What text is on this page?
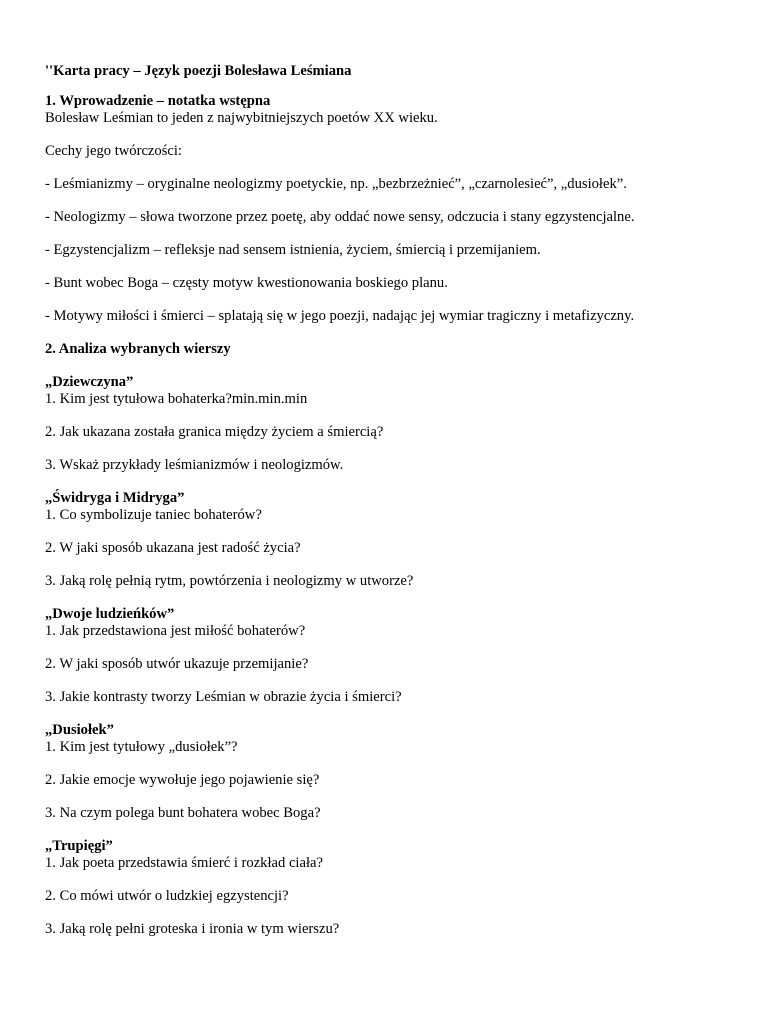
''Karta pracy – Język poezji Bolesława Leśmiana
1. Wprowadzenie – notatka wstępna
Bolesław Leśmian to jeden z najwybitniejszych poetów XX wieku.
Cechy jego twórczości:
- Leśmianizmy – oryginalne neologizmy poetyckie, np. „bezbrzeżnieć”, „czarnolesieć”, „dusiołek”.
- Neologizmy – słowa tworzone przez poetę, aby oddać nowe sensy, odczucia i stany egzystencjalne.
- Egzystencjalizm – refleksje nad sensem istnienia, życiem, śmiercią i przemijaniem.
- Bunt wobec Boga – częsty motyw kwestionowania boskiego planu.
- Motywy miłości i śmierci – splatają się w jego poezji, nadając jej wymiar tragiczny i metafizyczny.
2. Analiza wybranych wierszy
„Dziewczyna”
1. Kim jest tytułowa bohaterka?min.min.min
2. Jak ukazana została granica między życiem a śmiercią?
3. Wskaż przykłady leśmianizmów i neologizmów.
„Świdryga i Midryga”
1. Co symbolizuje taniec bohaterów?
2. W jaki sposób ukazana jest radość życia?
3. Jaką rolę pełnią rytm, powtórzenia i neologizmy w utworze?
„Dwoje ludzieńków”
1. Jak przedstawiona jest miłość bohaterów?
2. W jaki sposób utwór ukazuje przemijanie?
3. Jakie kontrasty tworzy Leśmian w obrazie życia i śmierci?
„Dusiołek”
1. Kim jest tytułowy „dusiołek”?
2. Jakie emocje wywołuje jego pojawienie się?
3. Na czym polega bunt bohatera wobec Boga?
„Trupięgi”
1. Jak poeta przedstawia śmierć i rozkład ciała?
2. Co mówi utwór o ludzkiej egzystencji?
3. Jaką rolę pełni groteska i ironia w tym wierszu?
